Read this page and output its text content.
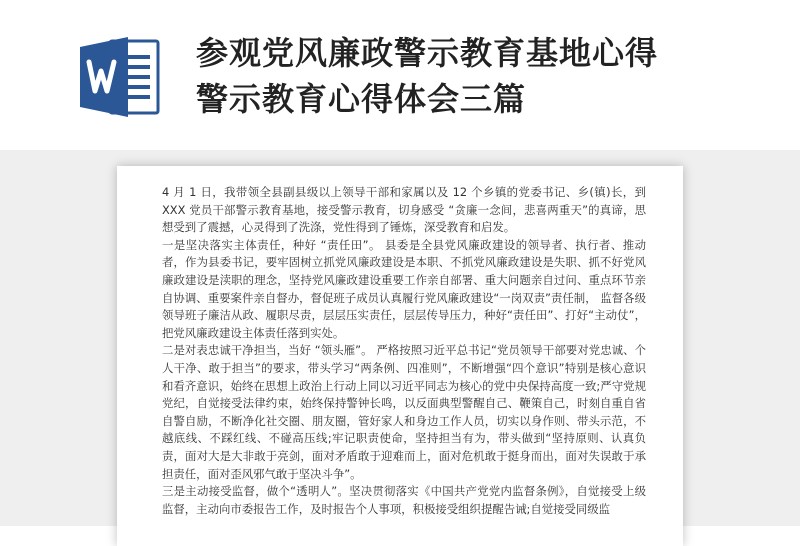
参观党风廉政警示教育基地心得
警示教育心得体会三篇

4 月 1 日，我带领全县副县级以上领导干部和家属以及 12 个乡镇的党委书记、乡(镇)长，到 XXX 党员干部警示教育基地，接受警示教育，切身感受 “贪廉一念间，悲喜两重天”的真谛，思想受到了震撼，心灵得到了洗涤，党性得到了锤炼，深受教育和启发。

一是坚决落实主体责任，种好 “责任田”。 县委是全县党风廉政建设的领导者、执行者、推动者，作为县委书记，要牢固树立抓党风廉政建设是本职、不抓党风廉政建设是失职、抓不好党风廉政建设是渎职的理念，坚持党风廉政建设重要工作亲自部署、重大问题亲自过问、重点环节亲自协调、重要案件亲自督办，督促班子成员认真履行党风廉政建设“一岗双责”责任制， 监督各级领导班子廉洁从政、履职尽责，层层压实责任，层层传导压力，种好“责任田”、打好“主动仗”，把党风廉政建设主体责任落到实处。

二是对表忠诚干净担当，当好 “领头雁”。 严格按照习近平总书记“党员领导干部要对党忠诚、个人干净、敢于担当”的要求，带头学习“两条例、四准则”，不断增强“四个意识”特别是核心意识和看齐意识，始终在思想上政治上行动上同以习近平同志为核心的党中央保持高度一致;严守党规党纪，自觉接受法律约束，始终保持警钟长鸣，以反面典型警醒自己、鞭策自己，时刻自重自省自警自励，不断净化社交圈、朋友圈，管好家人和身边工作人员，切实以身作则、带头示范，不越底线、不踩红线、不碰高压线;牢记职责使命，坚持担当有为，带头做到“坚持原则、认真负责，面对大是大非敢于亮剑，面对矛盾敢于迎难而上，面对危机敢于挺身而出，面对失误敢于承担责任，面对歪风邪气敢于坚决斗争”。

三是主动接受监督，做个“透明人”。坚决贯彻落实《中国共产党党内监督条例》，自觉接受上级监督，主动向市委报告工作，及时报告个人事项，积极接受组织提醒告诫;自觉接受同级监
